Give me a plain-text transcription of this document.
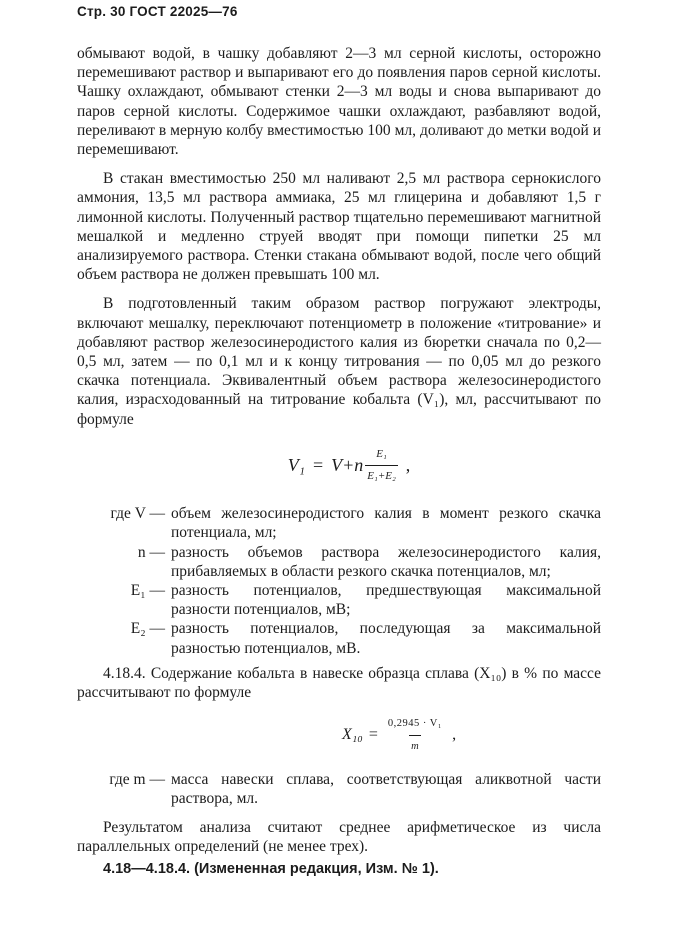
Стр. 30 ГОСТ 22025—76

обмывают водой, в чашку добавляют 2—3 мл серной кислоты, осторожно перемешивают раствор и выпаривают его до появления паров серной кислоты. Чашку охлаждают, обмывают стенки 2—3 мл воды и снова выпаривают до паров серной кислоты. Содержимое чашки охлаждают, разбавляют водой, переливают в мерную колбу вместимостью 100 мл, доливают до метки водой и перемешивают.

В стакан вместимостью 250 мл наливают 2,5 мл раствора сернокислого аммония, 13,5 мл раствора аммиака, 25 мл глицерина и добавляют 1,5 г лимонной кислоты. Полученный раствор тщательно перемешивают магнитной мешалкой и медленно струей вводят при помощи пипетки 25 мл анализируемого раствора. Стенки стакана обмывают водой, после чего общий объем раствора не должен превышать 100 мл.

В подготовленный таким образом раствор погружают электроды, включают мешалку, переключают потенциометр в положение «титрование» и добавляют раствор железосинеродистого калия из бюретки сначала по 0,2—0,5 мл, затем — по 0,1 мл и к концу титрования — по 0,05 мл до резкого скачка потенциала. Эквивалентный объем раствора железосинеродистого калия, израсходованный на титрование кобальта (V₁), мл, рассчитывают по формуле

$V_1 = V+n \frac{\text{E₁}}{\text{E₁+E₂}}$ ,
где V — объем железосинеродистого калия в момент резкого скачка потенциала, мл;
n — разность объемов раствора железосинеродистого калия, прибавляемых в области резкого скачка потенциалов, мл;
E₁ — разность потенциалов, предшествующая максимальной разности потенциалов, мВ;
E₂ — разность потенциалов, последующая за максимальной разностью потенциалов, мВ.

4.18.4. Содержание кобальта в навеске образца сплава (X₁₀) в % по массе рассчитывают по формуле

$X_{10} = \frac{\text{0,2945 · V₁}}{m}$ ,
где m — масса навески сплава, соответствующая аликвотной части раствора, мл.

Результатом анализа считают среднее арифметическое из числа параллельных определений (не менее трех).

4.18—4.18.4. (Измененная редакция, Изм. № 1).
